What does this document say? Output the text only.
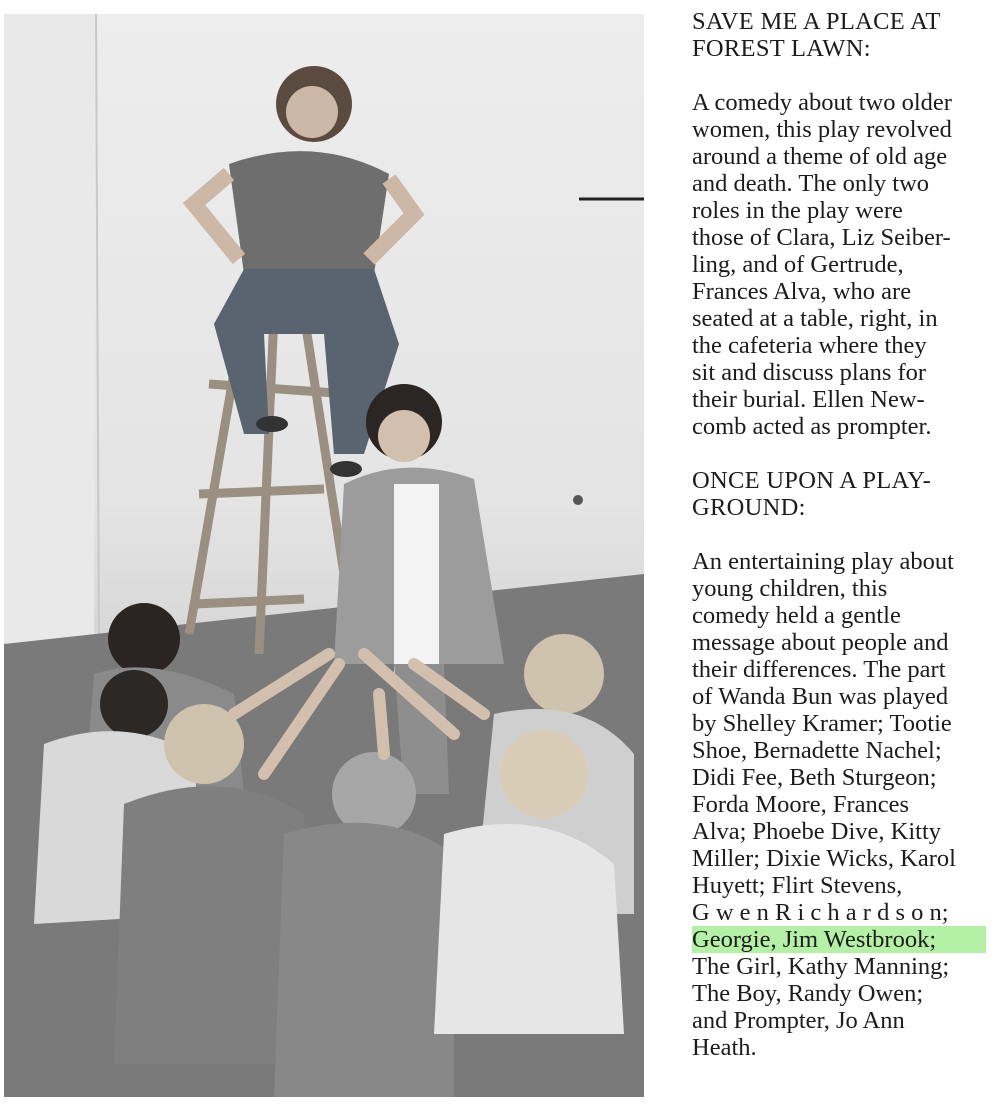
SAVE ME A PLACE AT
FOREST LAWN:

A comedy about two older
women, this play revolved
around a theme of old age
and death. The only two
roles in the play were
those of Clara, Liz Seiber-
ling, and of Gertrude,
Frances Alva, who are
seated at a table, right, in
the cafeteria where they
sit and discuss plans for
their burial. Ellen New-
comb acted as prompter.

ONCE UPON A PLAY-
GROUND:

An entertaining play about
young children, this
comedy held a gentle
message about people and
their differences. The part
of Wanda Bun was played
by Shelley Kramer; Tootie
Shoe, Bernadette Nachel;
Didi Fee, Beth Sturgeon;
Forda Moore, Frances
Alva; Phoebe Dive, Kitty
Miller; Dixie Wicks, Karol
Huyett; Flirt Stevens,
G w e n R i c h a r d s o n;
Georgie, Jim Westbrook;
The Girl, Kathy Manning;
The Boy, Randy Owen;
and Prompter, Jo Ann
Heath.
